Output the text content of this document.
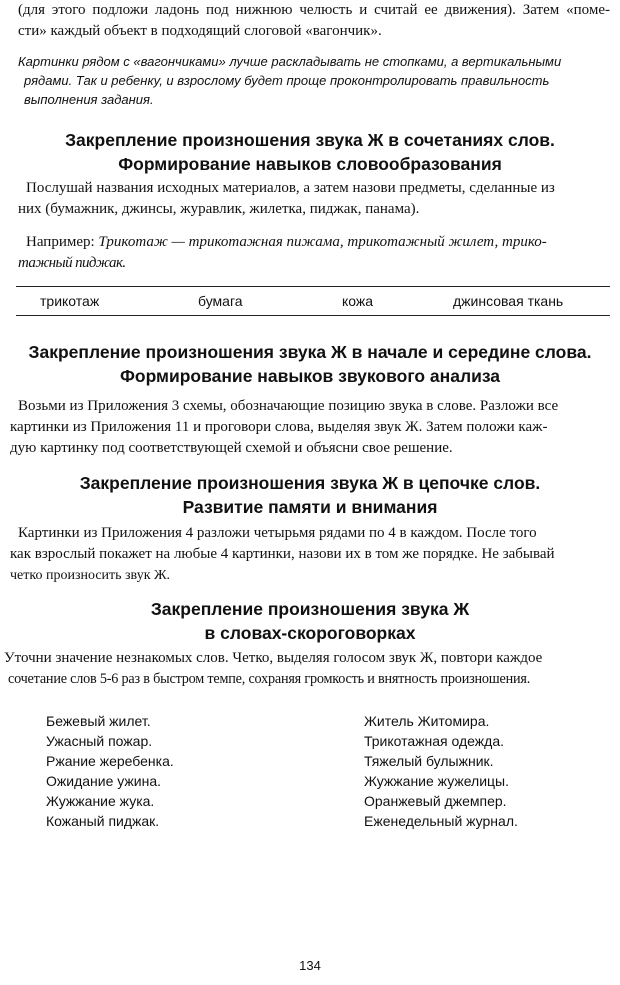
(для этого подложи ладонь под нижнюю челюсть и считай ее движения). Затем «поме-
сти» каждый объект в подходящий слоговой «вагончик».
Картинки рядом с «вагончиками» лучше раскладывать не стопками, а вертикальными
рядами. Так и ребенку, и взрослому будет проще проконтролировать правильность
выполнения задания.
Закрепление произношения звука Ж в сочетаниях слов.
Формирование навыков словообразования
Послушай названия исходных материалов, а затем назови предметы, сделанные из
них (бумажник, джинсы, журавлик, жилетка, пиджак, панама).
Например: Трикотаж — трикотажная пижама, трикотажный жилет, трико-
тажный пиджак.
трикотаж	бумага	кожа	джинсовая ткань
Закрепление произношения звука Ж в начале и середине слова.
Формирование навыков звукового анализа
Возьми из Приложения 3 схемы, обозначающие позицию звука в слове. Разложи все
картинки из Приложения 11 и проговори слова, выделяя звук Ж. Затем положи каж-
дую картинку под соответствующей схемой и объясни свое решение.
Закрепление произношения звука Ж в цепочке слов.
Развитие памяти и внимания
Картинки из Приложения 4 разложи четырьмя рядами по 4 в каждом. После того
как взрослый покажет на любые 4 картинки, назови их в том же порядке. Не забывай
четко произносить звук Ж.
Закрепление произношения звука Ж
в словах-скороговорках
Уточни значение незнакомых слов. Четко, выделяя голосом звук Ж, повтори каждое
сочетание слов 5-6 раз в быстром темпе, сохраняя громкость и внятность произношения.
Бежевый жилет.
Ужасный пожар.
Ржание жеребенка.
Ожидание ужина.
Жужжание жука.
Кожаный пиджак.
Житель Житомира.
Трикотажная одежда.
Тяжелый булыжник.
Жужжание жужелицы.
Оранжевый джемпер.
Еженедельный журнал.
134
